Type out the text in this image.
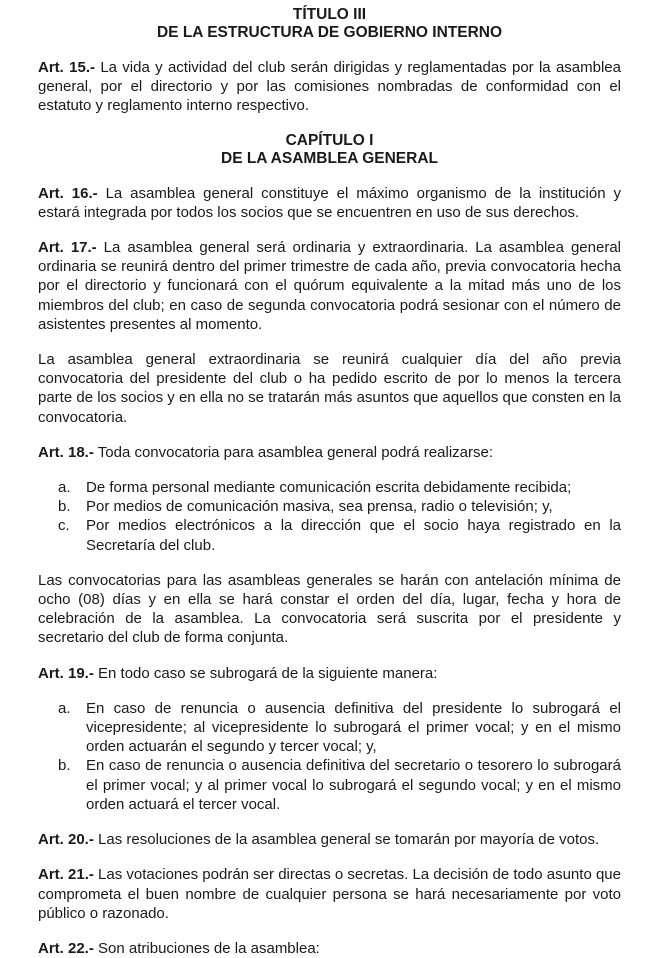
TÍTULO III
DE LA ESTRUCTURA DE GOBIERNO INTERNO

Art. 15.- La vida y actividad del club serán dirigidas y reglamentadas por la asamblea general, por el directorio y por las comisiones nombradas de conformidad con el estatuto y reglamento interno respectivo.

CAPÍTULO I
DE LA ASAMBLEA GENERAL

Art. 16.- La asamblea general constituye el máximo organismo de la institución y estará integrada por todos los socios que se encuentren en uso de sus derechos.

Art. 17.- La asamblea general será ordinaria y extraordinaria. La asamblea general ordinaria se reunirá dentro del primer trimestre de cada año, previa convocatoria hecha por el directorio y funcionará con el quórum equivalente a la mitad más uno de los miembros del club; en caso de segunda convocatoria podrá sesionar con el número de asistentes presentes al momento.

La asamblea general extraordinaria se reunirá cualquier día del año previa convocatoria del presidente del club o ha pedido escrito de por lo menos la tercera parte de los socios y en ella no se tratarán más asuntos que aquellos que consten en la convocatoria.

Art. 18.- Toda convocatoria para asamblea general podrá realizarse:

a.	De forma personal mediante comunicación escrita debidamente recibida;
b.	Por medios de comunicación masiva, sea prensa, radio o televisión; y,
c.	Por medios electrónicos a la dirección que el socio haya registrado en la Secretaría del club.

Las convocatorias para las asambleas generales se harán con antelación mínima de ocho (08) días y en ella se hará constar el orden del día, lugar, fecha y hora de celebración de la asamblea. La convocatoria será suscrita por el presidente y secretario del club de forma conjunta.

Art. 19.- En todo caso se subrogará de la siguiente manera:

a.	En caso de renuncia o ausencia definitiva del presidente lo subrogará el vicepresidente; al vicepresidente lo subrogará el primer vocal; y en el mismo orden actuarán el segundo y tercer vocal; y,
b.	En caso de renuncia o ausencia definitiva del secretario o tesorero lo subrogará el primer vocal; y al primer vocal lo subrogará el segundo vocal; y en el mismo orden actuará el tercer vocal.

Art. 20.- Las resoluciones de la asamblea general se tomarán por mayoría de votos.

Art. 21.- Las votaciones podrán ser directas o secretas. La decisión de todo asunto que comprometa el buen nombre de cualquier persona se hará necesariamente por voto público o razonado.

Art. 22.- Son atribuciones de la asamblea:
